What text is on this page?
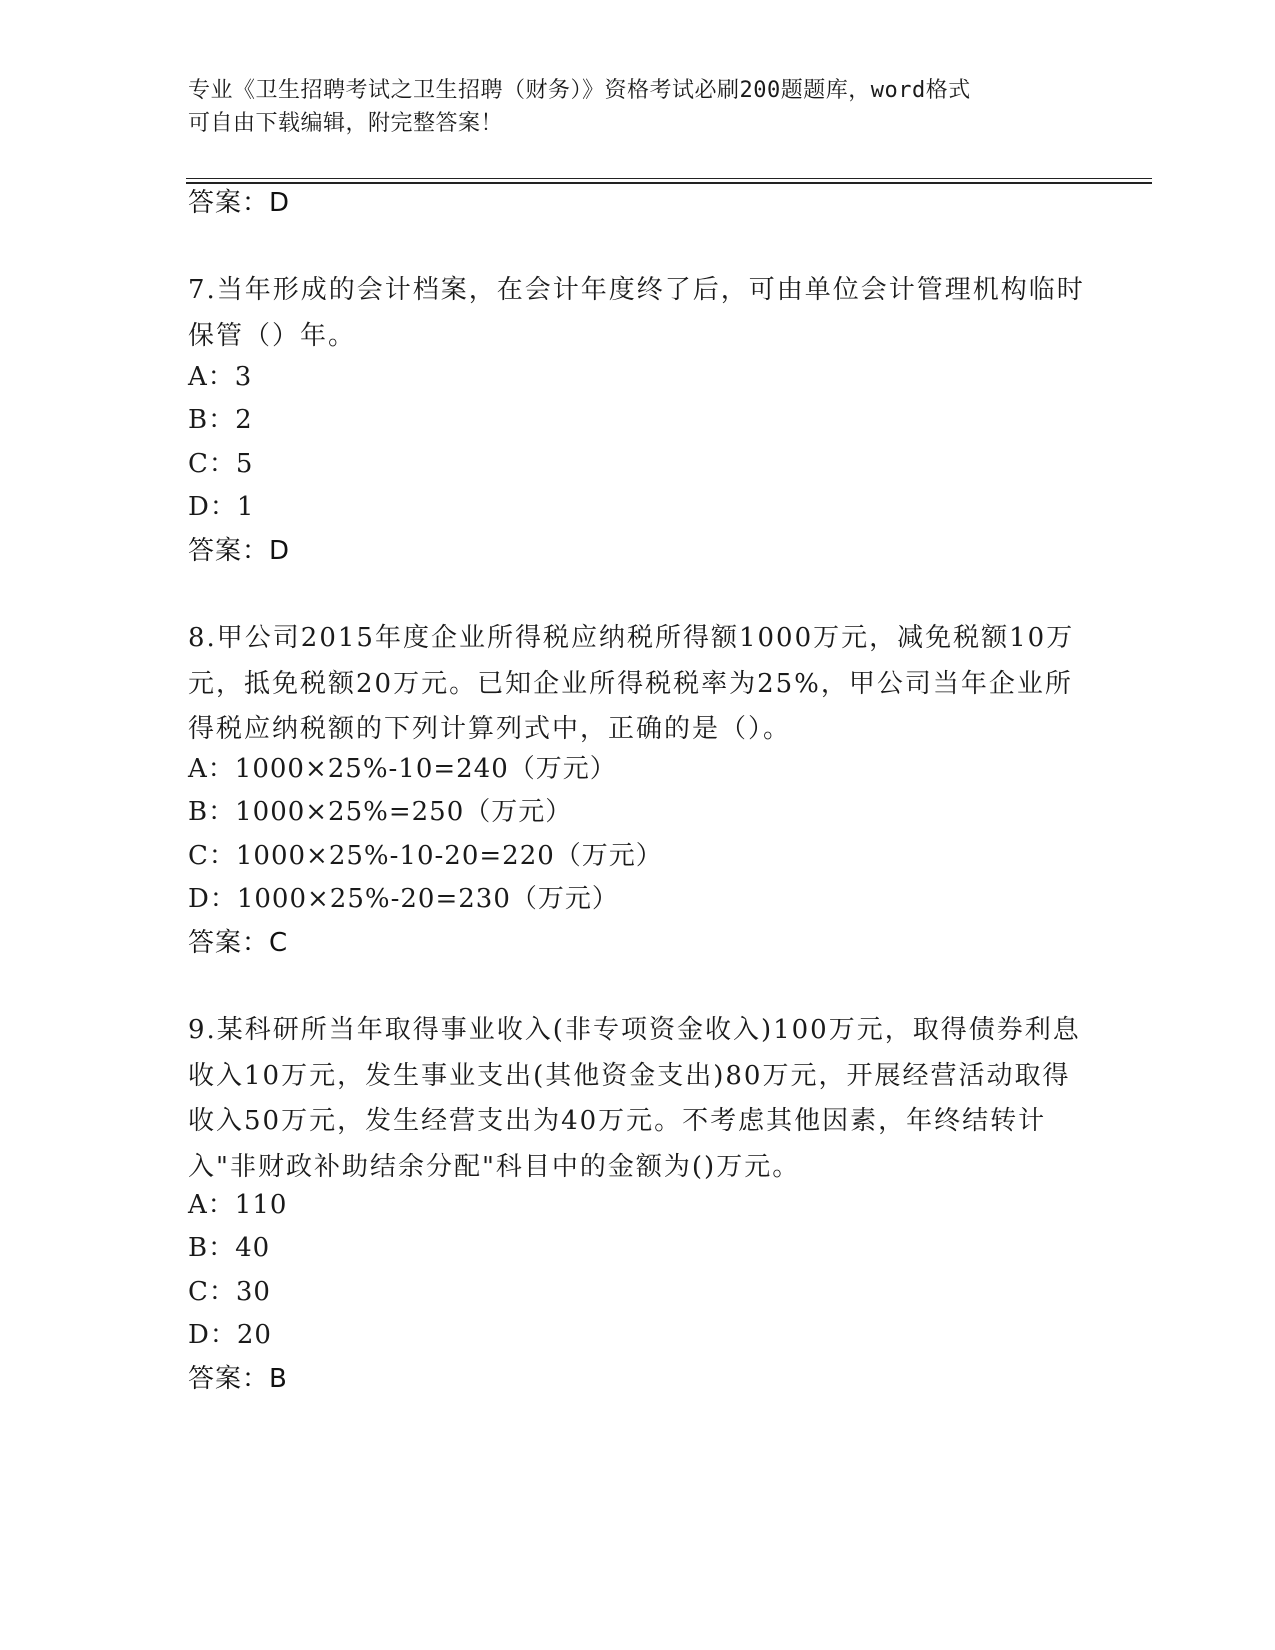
专业《卫生招聘考试之卫生招聘（财务）》资格考试必刷200题题库，word格式
可自由下载编辑，附完整答案！
答案：D
7.当年形成的会计档案，在会计年度终了后，可由单位会计管理机构临时保管（）年。
A：3
B：2
C：5
D：1
答案：D
8.甲公司2015年度企业所得税应纳税所得额1000万元，减免税额10万元，抵免税额20万元。已知企业所得税税率为25%，甲公司当年企业所得税应纳税额的下列计算列式中，正确的是（）。
A：1000×25%-10=240（万元）
B：1000×25%=250（万元）
C：1000×25%-10-20=220（万元）
D：1000×25%-20=230（万元）
答案：C
9.某科研所当年取得事业收入(非专项资金收入)100万元，取得债券利息收入10万元，发生事业支出(其他资金支出)80万元，开展经营活动取得收入50万元，发生经营支出为40万元。不考虑其他因素，年终结转计入"非财政补助结余分配"科目中的金额为()万元。
A：110
B：40
C：30
D：20
答案：B
